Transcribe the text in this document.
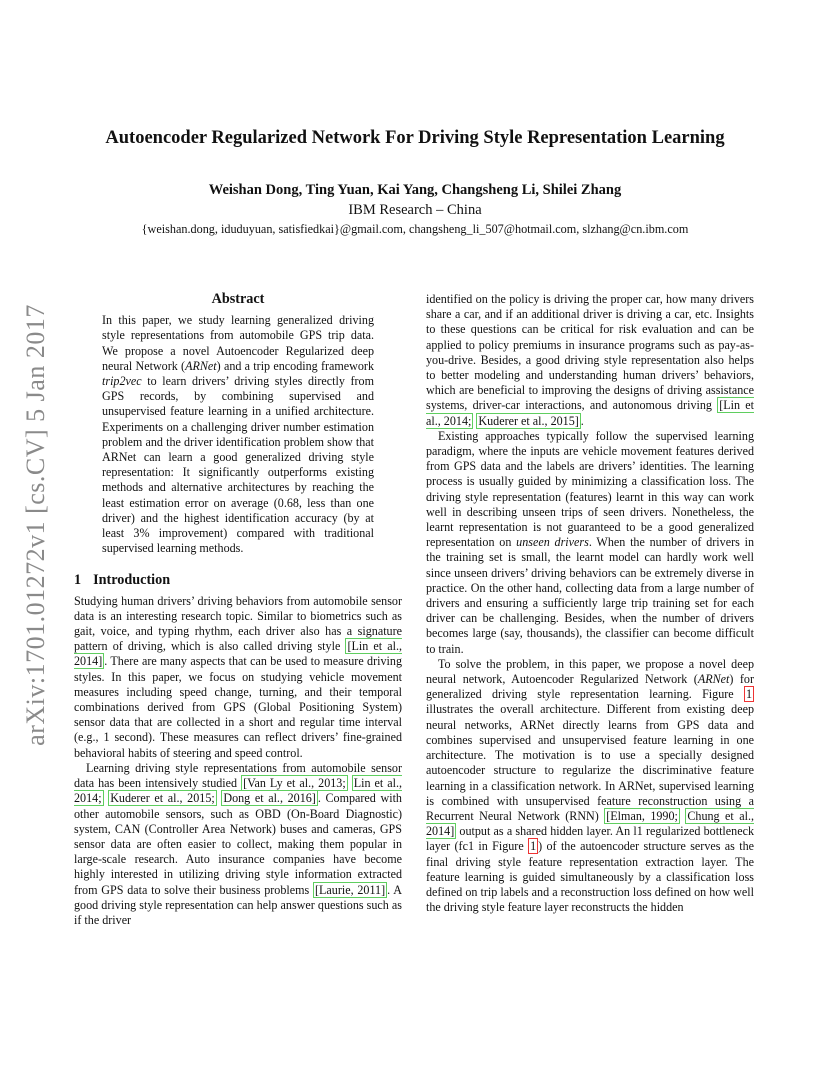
arXiv:1701.01272v1 [cs.CV] 5 Jan 2017
Autoencoder Regularized Network For Driving Style Representation Learning
Weishan Dong, Ting Yuan, Kai Yang, Changsheng Li, Shilei Zhang
IBM Research – China
{weishan.dong, iduduyuan, satisfiedkai}@gmail.com, changsheng_li_507@hotmail.com, slzhang@cn.ibm.com
Abstract

In this paper, we study learning generalized driving style representations from automobile GPS trip data. We propose a novel Autoencoder Regularized deep neural Network (ARNet) and a trip encoding framework trip2vec to learn drivers’ driving styles directly from GPS records, by combining supervised and unsupervised feature learning in a unified architecture. Experiments on a challenging driver number estimation problem and the driver identification problem show that ARNet can learn a good generalized driving style representation: It significantly outperforms existing methods and alternative architectures by reaching the least estimation error on average (0.68, less than one driver) and the highest identification accuracy (by at least 3% improvement) compared with traditional supervised learning methods.

1 Introduction

Studying human drivers’ driving behaviors from automobile sensor data is an interesting research topic. Similar to biometrics such as gait, voice, and typing rhythm, each driver also has a signature pattern of driving, which is also called driving style [Lin et al., 2014] . There are many aspects that can be used to measure driving styles. In this paper, we focus on studying vehicle movement measures including speed change, turning, and their temporal combinations derived from GPS (Global Positioning System) sensor data that are collected in a short and regular time interval (e.g., 1 second). These measures can reflect drivers’ fine-grained behavioral habits of steering and speed control.

Learning driving style representations from automobile sensor data has been intensively studied [Van Ly et al., 2013; Lin et al., 2014; Kuderer et al., 2015; Dong et al., 2016] . Compared with other automobile sensors, such as OBD (On-Board Diagnostic) system, CAN (Controller Area Network) buses and cameras, GPS sensor data are often easier to collect, making them popular in large-scale research. Auto insurance companies have become highly interested in utilizing driving style information extracted from GPS data to solve their business problems [Laurie, 2011] . A good driving style representation can help answer questions such as if the driver

identified on the policy is driving the proper car, how many drivers share a car, and if an additional driver is driving a car, etc. Insights to these questions can be critical for risk evaluation and can be applied to policy premiums in insurance programs such as pay-as-you-drive. Besides, a good driving style representation also helps to better modeling and understanding human drivers’ behaviors, which are beneficial to improving the designs of driving assistance systems, driver-car interactions, and autonomous driving [Lin et al., 2014; Kuderer et al., 2015] .

Existing approaches typically follow the supervised learning paradigm, where the inputs are vehicle movement features derived from GPS data and the labels are drivers’ identities. The learning process is usually guided by minimizing a classification loss. The driving style representation (features) learnt in this way can work well in describing unseen trips of seen drivers. Nonetheless, the learnt representation is not guaranteed to be a good generalized representation on unseen drivers. When the number of drivers in the training set is small, the learnt model can hardly work well since unseen drivers’ driving behaviors can be extremely diverse in practice. On the other hand, collecting data from a large number of drivers and ensuring a sufficiently large trip training set for each driver can be challenging. Besides, when the number of drivers becomes large (say, thousands), the classifier can become difficult to train.

To solve the problem, in this paper, we propose a novel deep neural network, Autoencoder Regularized Network (ARNet) for generalized driving style representation learning. Figure 1 illustrates the overall architecture. Different from existing deep neural networks, ARNet directly learns from GPS data and combines supervised and unsupervised feature learning in one architecture. The motivation is to use a specially designed autoencoder structure to regularize the discriminative feature learning in a classification network. In ARNet, supervised learning is combined with unsupervised feature reconstruction using a Recurrent Neural Network (RNN) [Elman, 1990; Chung et al., 2014] output as a shared hidden layer. An l1 regularized bottleneck layer (fc1 in Figure 1 ) of the autoencoder structure serves as the final driving style feature representation extraction layer. The feature learning is guided simultaneously by a classification loss defined on trip labels and a reconstruction loss defined on how well the driving style feature layer reconstructs the hidden
